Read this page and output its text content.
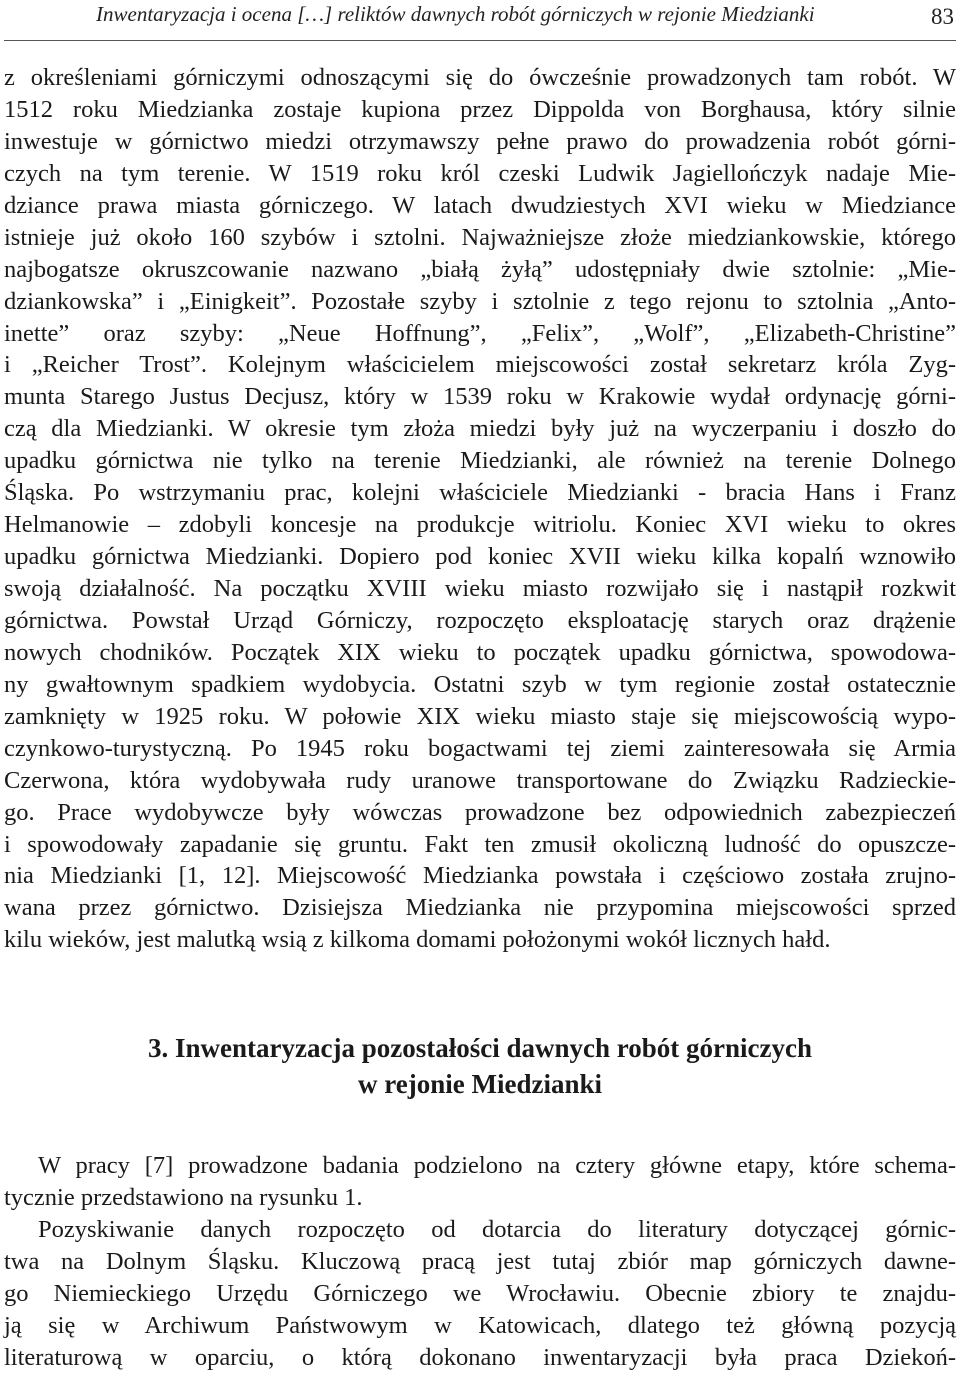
Inwentaryzacja i ocena […] reliktów dawnych robót górniczych w rejonie Miedzianki	83
z określeniami górniczymi odnoszącymi się do ówcześnie prowadzonych tam robót. W
1512 roku Miedzianka zostaje kupiona przez Dippolda von Borghausa, który silnie
inwestuje w górnictwo miedzi otrzymawszy pełne prawo do prowadzenia robót górni-
czych na tym terenie. W 1519 roku król czeski Ludwik Jagiellończyk nadaje Mie-
dziance prawa miasta górniczego. W latach dwudziestych XVI wieku w Miedziance
istnieje już około 160 szybów i sztolni. Najważniejsze złoże miedziankowskie, którego
najbogatsze okruszcowanie nazwano „białą żyłą” udostępniały dwie sztolnie: „Mie-
dziankowska” i „Einigkeit”. Pozostałe szyby i sztolnie z tego rejonu to sztolnia „Anto-
inette” oraz szyby: „Neue Hoffnung”, „Felix”, „Wolf”, „Elizabeth-Christine”
i „Reicher Trost”. Kolejnym właścicielem miejscowości został sekretarz króla Zyg-
munta Starego Justus Decjusz, który w 1539 roku w Krakowie wydał ordynację górni-
czą dla Miedzianki. W okresie tym złoża miedzi były już na wyczerpaniu i doszło do
upadku górnictwa nie tylko na terenie Miedzianki, ale również na terenie Dolnego
Śląska. Po wstrzymaniu prac, kolejni właściciele Miedzianki - bracia Hans i Franz
Helmanowie – zdobyli koncesje na produkcje witriolu. Koniec XVI wieku to okres
upadku górnictwa Miedzianki. Dopiero pod koniec XVII wieku kilka kopalń wznowiło
swoją działalność. Na początku XVIII wieku miasto rozwijało się i nastąpił rozkwit
górnictwa. Powstał Urząd Górniczy, rozpoczęto eksploatację starych oraz drążenie
nowych chodników. Początek XIX wieku to początek upadku górnictwa, spowodowa-
ny gwałtownym spadkiem wydobycia. Ostatni szyb w tym regionie został ostatecznie
zamknięty w 1925 roku. W połowie XIX wieku miasto staje się miejscowością wypo-
czynkowo-turystyczną. Po 1945 roku bogactwami tej ziemi zainteresowała się Armia
Czerwona, która wydobywała rudy uranowe transportowane do Związku Radzieckie-
go. Prace wydobywcze były wówczas prowadzone bez odpowiednich zabezpieczeń
i spowodowały zapadanie się gruntu. Fakt ten zmusił okoliczną ludność do opuszcze-
nia Miedzianki [1, 12]. Miejscowość Miedzianka powstała i częściowo została zrujno-
wana przez górnictwo. Dzisiejsza Miedzianka nie przypomina miejscowości sprzed
kilu wieków, jest malutką wsią z kilkoma domami położonymi wokół licznych hałd.
3. Inwentaryzacja pozostałości dawnych robót górniczych
w rejonie Miedzianki
W pracy [7] prowadzone badania podzielono na cztery główne etapy, które schema-
tycznie przedstawiono na rysunku 1.
Pozyskiwanie danych rozpoczęto od dotarcia do literatury dotyczącej górnic-
twa na Dolnym Śląsku. Kluczową pracą jest tutaj zbiór map górniczych dawne-
go Niemieckiego Urzędu Górniczego we Wrocławiu. Obecnie zbiory te znajdu-
ją się w Archiwum Państwowym w Katowicach, dlatego też główną pozycją
literaturową w oparciu, o którą dokonano inwentaryzacji była praca Dziekoń-
